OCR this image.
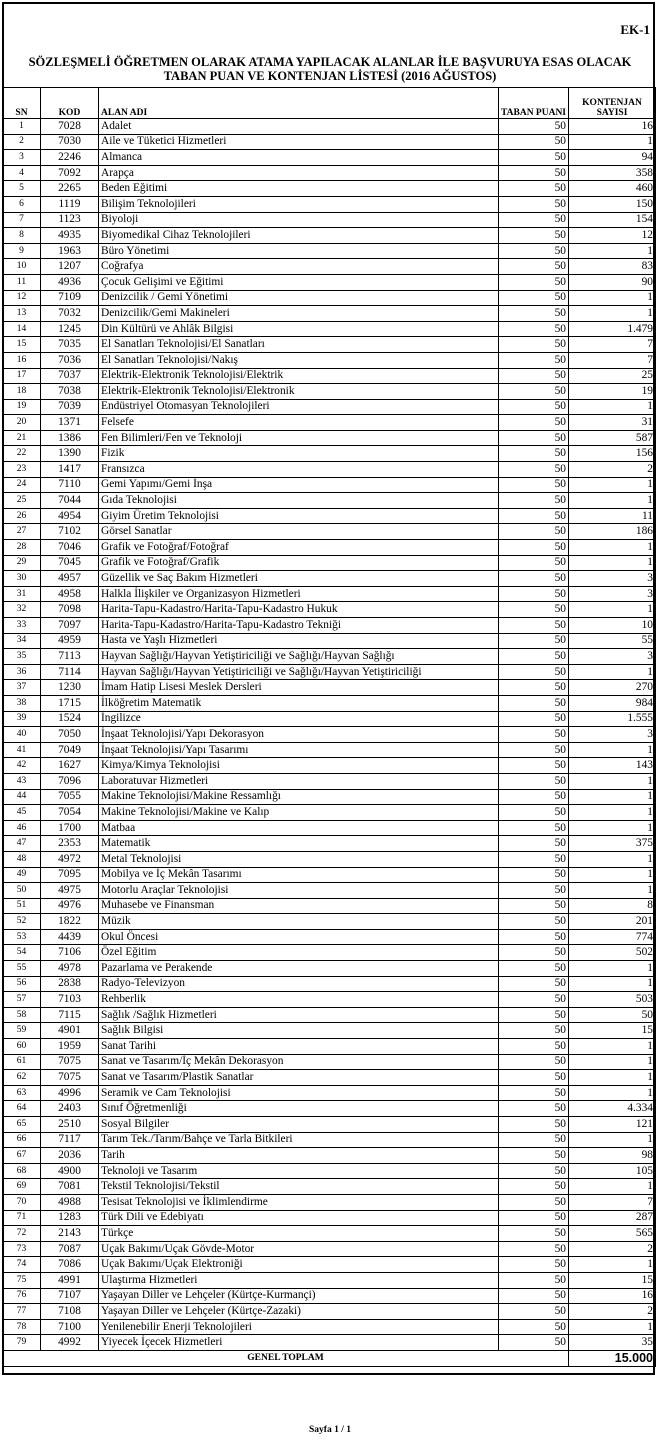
EK-1
SÖZLEŞMELİ ÖĞRETMEN OLARAK ATAMA YAPILACAK ALANLAR İLE BAŞVURUYA ESAS OLACAK
TABAN PUAN VE KONTENJAN LİSTESİ (2016 AĞUSTOS)
SN	KOD	ALAN ADI	TABAN PUANI	KONTENJAN SAYISI
1	7028	Adalet	50	16
2	7030	Aile ve Tüketici Hizmetleri	50	1
3	2246	Almanca	50	94
4	7092	Arapça	50	358
5	2265	Beden Eğitimi	50	460
6	1119	Bilişim Teknolojileri	50	150
7	1123	Biyoloji	50	154
8	4935	Biyomedikal Cihaz Teknolojileri	50	12
9	1963	Büro Yönetimi	50	1
10	1207	Coğrafya	50	83
11	4936	Çocuk Gelişimi ve Eğitimi	50	90
12	7109	Denizcilik / Gemi Yönetimi	50	1
13	7032	Denizcilik/Gemi Makineleri	50	1
14	1245	Din Kültürü ve Ahlâk Bilgisi	50	1.479
15	7035	El Sanatları Teknolojisi/El Sanatları	50	7
16	7036	El Sanatları Teknolojisi/Nakış	50	7
17	7037	Elektrik-Elektronik Teknolojisi/Elektrik	50	25
18	7038	Elektrik-Elektronik Teknolojisi/Elektronik	50	19
19	7039	Endüstriyel Otomasyan Teknolojileri	50	1
20	1371	Felsefe	50	31
21	1386	Fen Bilimleri/Fen ve Teknoloji	50	587
22	1390	Fizik	50	156
23	1417	Fransızca	50	2
24	7110	Gemi Yapımı/Gemi İnşa	50	1
25	7044	Gıda Teknolojisi	50	1
26	4954	Giyim Üretim Teknolojisi	50	11
27	7102	Görsel Sanatlar	50	186
28	7046	Grafik ve Fotoğraf/Fotoğraf	50	1
29	7045	Grafik ve Fotoğraf/Grafik	50	1
30	4957	Güzellik ve Saç Bakım Hizmetleri	50	3
31	4958	Halkla İlişkiler ve Organizasyon Hizmetleri	50	3
32	7098	Harita-Tapu-Kadastro/Harita-Tapu-Kadastro Hukuk	50	1
33	7097	Harita-Tapu-Kadastro/Harita-Tapu-Kadastro Tekniği	50	10
34	4959	Hasta ve Yaşlı Hizmetleri	50	55
35	7113	Hayvan Sağlığı/Hayvan Yetiştiriciliği ve Sağlığı/Hayvan Sağlığı	50	3
36	7114	Hayvan Sağlığı/Hayvan Yetiştiriciliği ve Sağlığı/Hayvan Yetiştiriciliği	50	1
37	1230	İmam Hatip Lisesi Meslek Dersleri	50	270
38	1715	İlköğretim Matematik	50	984
39	1524	İngilizce	50	1.555
40	7050	İnşaat Teknolojisi/Yapı Dekorasyon	50	3
41	7049	İnşaat Teknolojisi/Yapı Tasarımı	50	1
42	1627	Kimya/Kimya Teknolojisi	50	143
43	7096	Laboratuvar Hizmetleri	50	1
44	7055	Makine Teknolojisi/Makine Ressamlığı	50	1
45	7054	Makine Teknolojisi/Makine ve Kalıp	50	1
46	1700	Matbaa	50	1
47	2353	Matematik	50	375
48	4972	Metal Teknolojisi	50	1
49	7095	Mobilya ve İç Mekân Tasarımı	50	1
50	4975	Motorlu Araçlar Teknolojisi	50	1
51	4976	Muhasebe ve Finansman	50	8
52	1822	Müzik	50	201
53	4439	Okul Öncesi	50	774
54	7106	Özel Eğitim	50	502
55	4978	Pazarlama ve Perakende	50	1
56	2838	Radyo-Televizyon	50	1
57	7103	Rehberlik	50	503
58	7115	Sağlık /Sağlık Hizmetleri	50	50
59	4901	Sağlık Bilgisi	50	15
60	1959	Sanat Tarihi	50	1
61	7075	Sanat ve Tasarım/İç Mekân Dekorasyon	50	1
62	7075	Sanat ve Tasarım/Plastik Sanatlar	50	1
63	4996	Seramik ve Cam Teknolojisi	50	1
64	2403	Sınıf Öğretmenliği	50	4.334
65	2510	Sosyal Bilgiler	50	121
66	7117	Tarım Tek./Tarım/Bahçe ve Tarla Bitkileri	50	1
67	2036	Tarih	50	98
68	4900	Teknoloji ve Tasarım	50	105
69	7081	Tekstil Teknolojisi/Tekstil	50	1
70	4988	Tesisat Teknolojisi ve İklimlendirme	50	7
71	1283	Türk Dili ve Edebiyatı	50	287
72	2143	Türkçe	50	565
73	7087	Uçak Bakımı/Uçak Gövde-Motor	50	2
74	7086	Uçak Bakımı/Uçak Elektroniği	50	1
75	4991	Ulaştırma Hizmetleri	50	15
76	7107	Yaşayan Diller ve Lehçeler (Kürtçe-Kurmançi)	50	16
77	7108	Yaşayan Diller ve Lehçeler (Kürtçe-Zazaki)	50	2
78	7100	Yenilenebilir Enerji Teknolojileri	50	1
79	4992	Yiyecek İçecek Hizmetleri	50	35
GENEL TOPLAM				15.000
Sayfa 1 / 1
